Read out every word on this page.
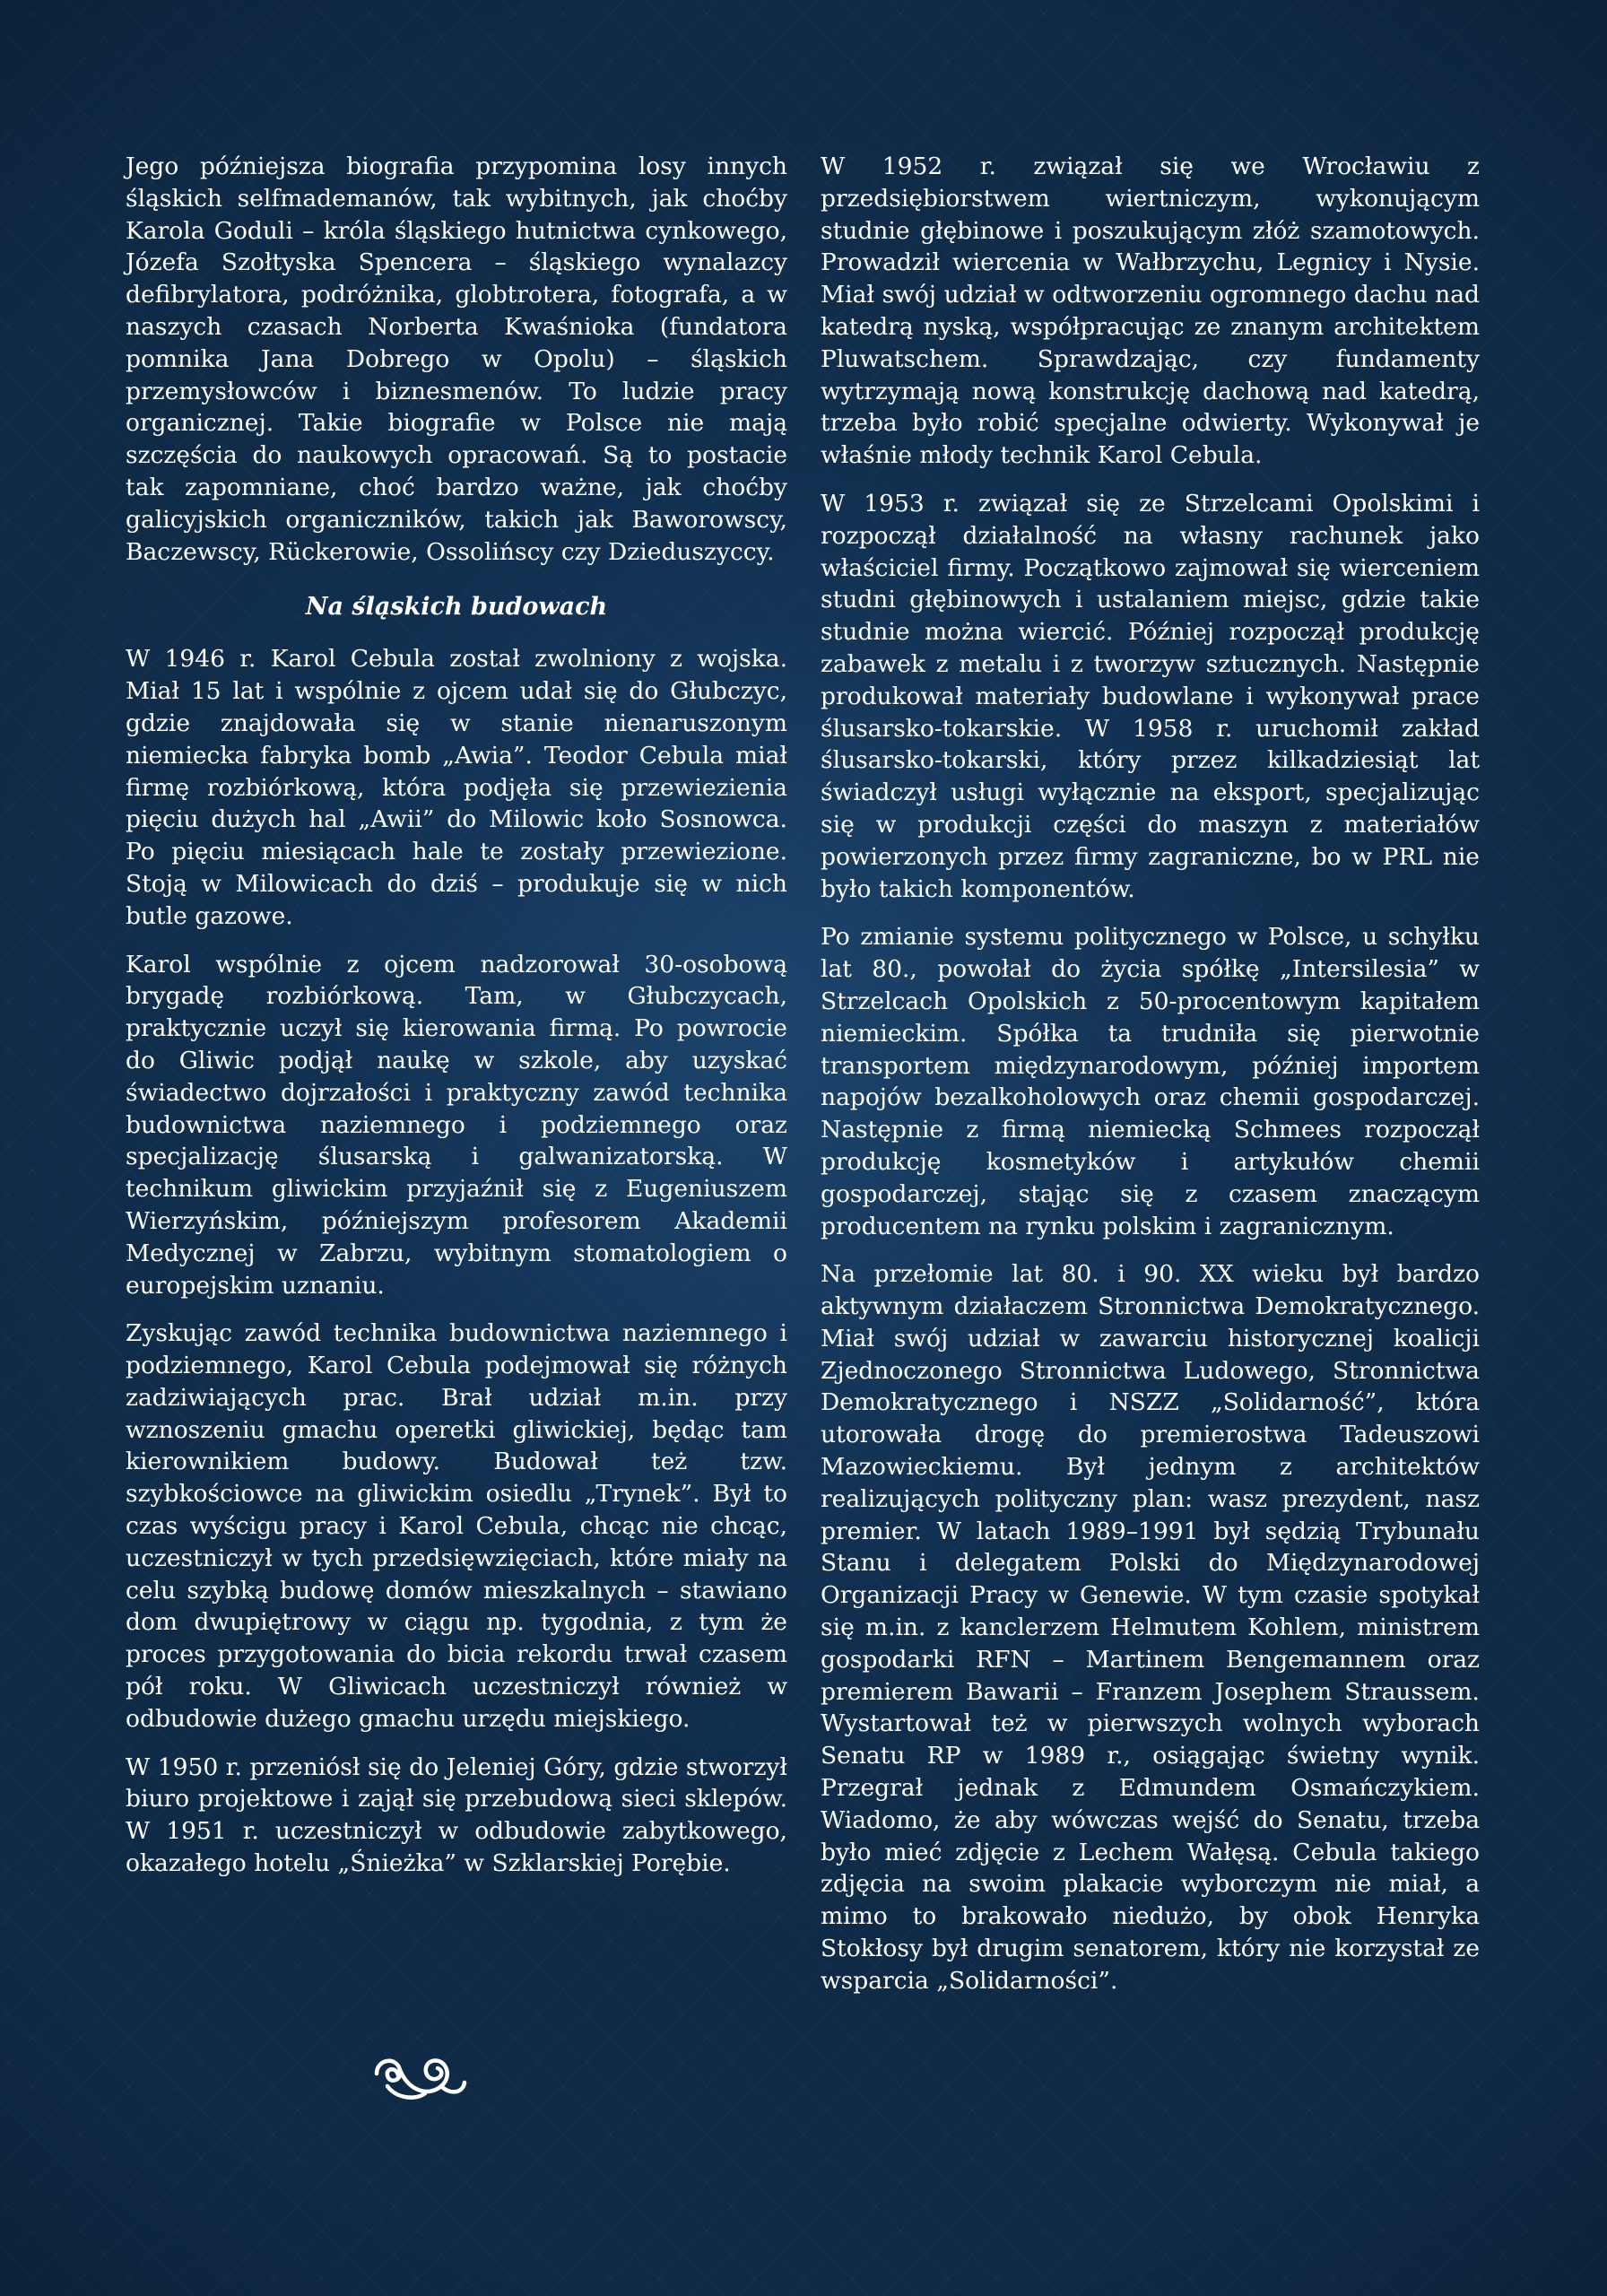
Jego późniejsza biografia przypomina losy innych śląskich selfmademanów, tak wybitnych, jak choćby Karola Goduli – króla śląskiego hutnictwa cynkowego, Józefa Szołtyska Spencera – śląskiego wynalazcy defibrylatora, podróżnika, globtrotera, fotografa, a w naszych czasach Norberta Kwaśnioka (fundatora pomnika Jana Dobrego w Opolu) – śląskich przemysłowców i biznesmenów. To ludzie pracy organicznej. Takie biografie w Polsce nie mają szczęścia do naukowych opracowań. Są to postacie tak zapomniane, choć bardzo ważne, jak choćby galicyjskich organiczników, takich jak Baworowscy, Baczewscy, Rückerowie, Ossolińscy czy Dzieduszyccy.

Na śląskich budowach

W 1946 r. Karol Cebula został zwolniony z wojska. Miał 15 lat i wspólnie z ojcem udał się do Głubczyc, gdzie znajdowała się w stanie nienaruszonym niemiecka fabryka bomb „Awia”. Teodor Cebula miał firmę rozbiórkową, która podjęła się przewiezienia pięciu dużych hal „Awii” do Milowic koło Sosnowca. Po pięciu miesiącach hale te zostały przewiezione. Stoją w Milowicach do dziś – produkuje się w nich butle gazowe.

Karol wspólnie z ojcem nadzorował 30-osobową brygadę rozbiórkową. Tam, w Głubczycach, praktycznie uczył się kierowania firmą. Po powrocie do Gliwic podjął naukę w szkole, aby uzyskać świadectwo dojrzałości i praktyczny zawód technika budownictwa naziemnego i podziemnego oraz specjalizację ślusarską i galwanizatorską. W technikum gliwickim przyjaźnił się z Eugeniuszem Wierzyńskim, późniejszym profesorem Akademii Medycznej w Zabrzu, wybitnym stomatologiem o europejskim uznaniu.

Zyskując zawód technika budownictwa naziemnego i podziemnego, Karol Cebula podejmował się różnych zadziwiających prac. Brał udział m.in. przy wznoszeniu gmachu operetki gliwickiej, będąc tam kierownikiem budowy. Budował też tzw. szybkościowce na gliwickim osiedlu „Trynek”. Był to czas wyścigu pracy i Karol Cebula, chcąc nie chcąc, uczestniczył w tych przedsięwzięciach, które miały na celu szybką budowę domów mieszkalnych – stawiano dom dwupiętrowy w ciągu np. tygodnia, z tym że proces przygotowania do bicia rekordu trwał czasem pół roku. W Gliwicach uczestniczył również w odbudowie dużego gmachu urzędu miejskiego.

W 1950 r. przeniósł się do Jeleniej Góry, gdzie stworzył biuro projektowe i zajął się przebudową sieci sklepów. W 1951 r. uczestniczył w odbudowie zabytkowego, okazałego hotelu „Śnieżka” w Szklarskiej Porębie.

W 1952 r. związał się we Wrocławiu z przedsiębiorstwem wiertniczym, wykonującym studnie głębinowe i poszukującym złóż szamotowych. Prowadził wiercenia w Wałbrzychu, Legnicy i Nysie. Miał swój udział w odtworzeniu ogromnego dachu nad katedrą nyską, współpracując ze znanym architektem Pluwatschem. Sprawdzając, czy fundamenty wytrzymają nową konstrukcję dachową nad katedrą, trzeba było robić specjalne odwierty. Wykonywał je właśnie młody technik Karol Cebula.

W 1953 r. związał się ze Strzelcami Opolskimi i rozpoczął działalność na własny rachunek jako właściciel firmy. Początkowo zajmował się wierceniem studni głębinowych i ustalaniem miejsc, gdzie takie studnie można wiercić. Później rozpoczął produkcję zabawek z metalu i z tworzyw sztucznych. Następnie produkował materiały budowlane i wykonywał prace ślusarsko-tokarskie. W 1958 r. uruchomił zakład ślusarsko-tokarski, który przez kilkadziesiąt lat świadczył usługi wyłącznie na eksport, specjalizując się w produkcji części do maszyn z materiałów powierzonych przez firmy zagraniczne, bo w PRL nie było takich komponentów.

Po zmianie systemu politycznego w Polsce, u schyłku lat 80., powołał do życia spółkę „Intersilesia” w Strzelcach Opolskich z 50-procentowym kapitałem niemieckim. Spółka ta trudniła się pierwotnie transportem międzynarodowym, później importem napojów bezalkoholowych oraz chemii gospodarczej. Następnie z firmą niemiecką Schmees rozpoczął produkcję kosmetyków i artykułów chemii gospodarczej, stając się z czasem znaczącym producentem na rynku polskim i zagranicznym.

Na przełomie lat 80. i 90. XX wieku był bardzo aktywnym działaczem Stronnictwa Demokratycznego. Miał swój udział w zawarciu historycznej koalicji Zjednoczonego Stronnictwa Ludowego, Stronnictwa Demokratycznego i NSZZ „Solidarność”, która utorowała drogę do premierostwa Tadeuszowi Mazowieckiemu. Był jednym z architektów realizujących polityczny plan: wasz prezydent, nasz premier. W latach 1989–1991 był sędzią Trybunału Stanu i delegatem Polski do Międzynarodowej Organizacji Pracy w Genewie. W tym czasie spotykał się m.in. z kanclerzem Helmutem Kohlem, ministrem gospodarki RFN – Martinem Bengemannem oraz premierem Bawarii – Franzem Josephem Straussem. Wystartował też w pierwszych wolnych wyborach Senatu RP w 1989 r., osiągając świetny wynik. Przegrał jednak z Edmundem Osmańczykiem. Wiadomo, że aby wówczas wejść do Senatu, trzeba było mieć zdjęcie z Lechem Wałęsą. Cebula takiego zdjęcia na swoim plakacie wyborczym nie miał, a mimo to brakowało niedużo, by obok Henryka Stokłosy był drugim senatorem, który nie korzystał ze wsparcia „Solidarności”.
